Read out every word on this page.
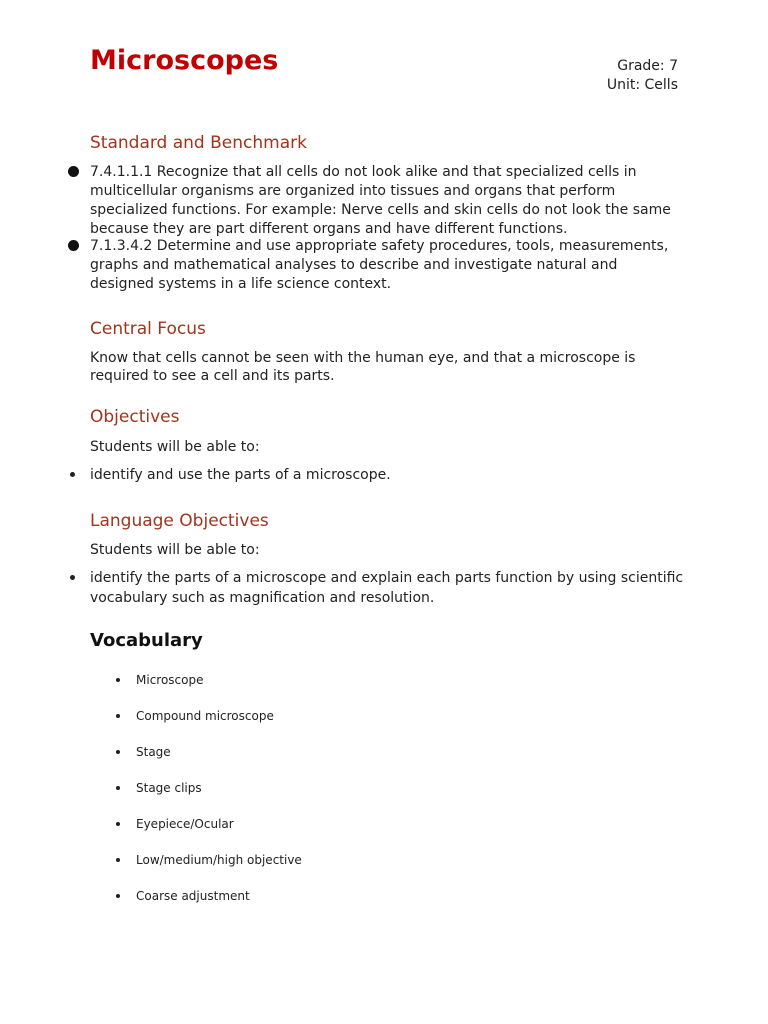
Microscopes	Grade: 7
Unit: Cells
Standard and Benchmark
7.4.1.1.1 Recognize that all cells do not look alike and that specialized cells in multicellular organisms are organized into tissues and organs that perform specialized functions. For example: Nerve cells and skin cells do not look the same because they are part different organs and have different functions.
7.1.3.4.2 Determine and use appropriate safety procedures, tools, measurements, graphs and mathematical analyses to describe and investigate natural and designed systems in a life science context.
Central Focus

Know that cells cannot be seen with the human eye, and that a microscope is required to see a cell and its parts.

Objectives

Students will be able to:

identify and use the parts of a microscope.
Language Objectives

Students will be able to:

identify the parts of a microscope and explain each parts function by using scientific vocabulary such as magnification and resolution.
Vocabulary
Microscope
Compound microscope
Stage
Stage clips
Eyepiece/Ocular
Low/medium/high objective
Coarse adjustment
